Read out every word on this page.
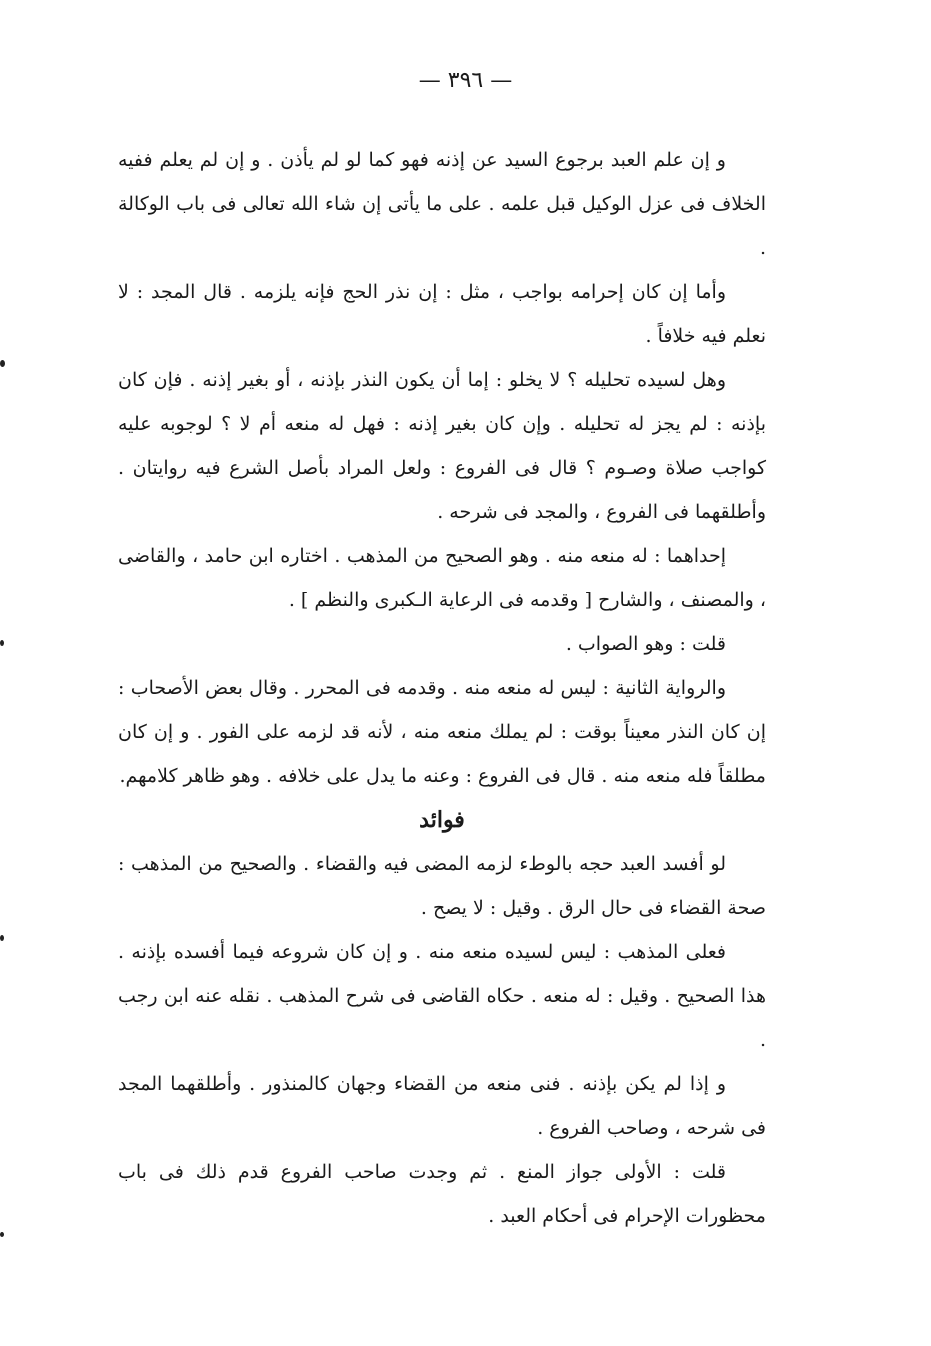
— ٣٩٦ —

و إن علم العبد برجوع السيد عن إذنه فهو كما لو لم يأذن . و إن لم يعلم ففيه الخلاف فى عزل الوكيل قبل علمه . على ما يأتى إن شاء الله تعالى فى باب الوكالة .

وأما إن كان إحرامه بواجب ، مثل : إن نذر الحج فإنه يلزمه . قال المجد : لا نعلم فيه خلافاً .

وهل لسيده تحليله ؟ لا يخلو : إما أن يكون النذر بإذنه ، أو بغير إذنه . فإن كان بإذنه : لم يجز له تحليله . وإن كان بغير إذنه : فهل له منعه أم لا ؟ لوجوبه عليه كواجب صلاة وصـوم ؟ قال فى الفروع : ولعل المراد بأصل الشرع فيه روايتان . وأطلقهما فى الفروع ، والمجد فى شرحه .

إحداهما : له منعه منه . وهو الصحيح من المذهب . اختاره ابن حامد ، والقاضى ، والمصنف ، والشارح [ وقدمه فى الرعاية الـكبرى والنظم ] .

قلت : وهو الصواب .

والرواية الثانية : ليس له منعه منه . وقدمه فى المحرر . وقال بعض الأصحاب : إن كان النذر معيناً بوقت : لم يملك منعه منه ، لأنه قد لزمه على الفور . و إن كان مطلقاً فله منعه منه . قال فى الفروع : وعنه ما يدل على خلافه . وهو ظاهر كلامهم.

فوائد

لو أفسد العبد حجه بالوطء لزمه المضى فيه والقضاء . والصحيح من المذهب : صحة القضاء فى حال الرق . وقيل : لا يصح .

فعلى المذهب : ليس لسيده منعه منه . و إن كان شروعه فيما أفسده بإذنه . هذا الصحيح . وقيل : له منعه . حكاه القاضى فى شرح المذهب . نقله عنه ابن رجب .

و إذا لم يكن بإذنه . فنى منعه من القضاء وجهان كالمنذور . وأطلقهما المجد فى شرحه ، وصاحب الفروع .

قلت : الأولى جواز المنع . ثم وجدت صاحب الفروع قدم ذلك فى باب محظورات الإحرام فى أحكام العبد .
